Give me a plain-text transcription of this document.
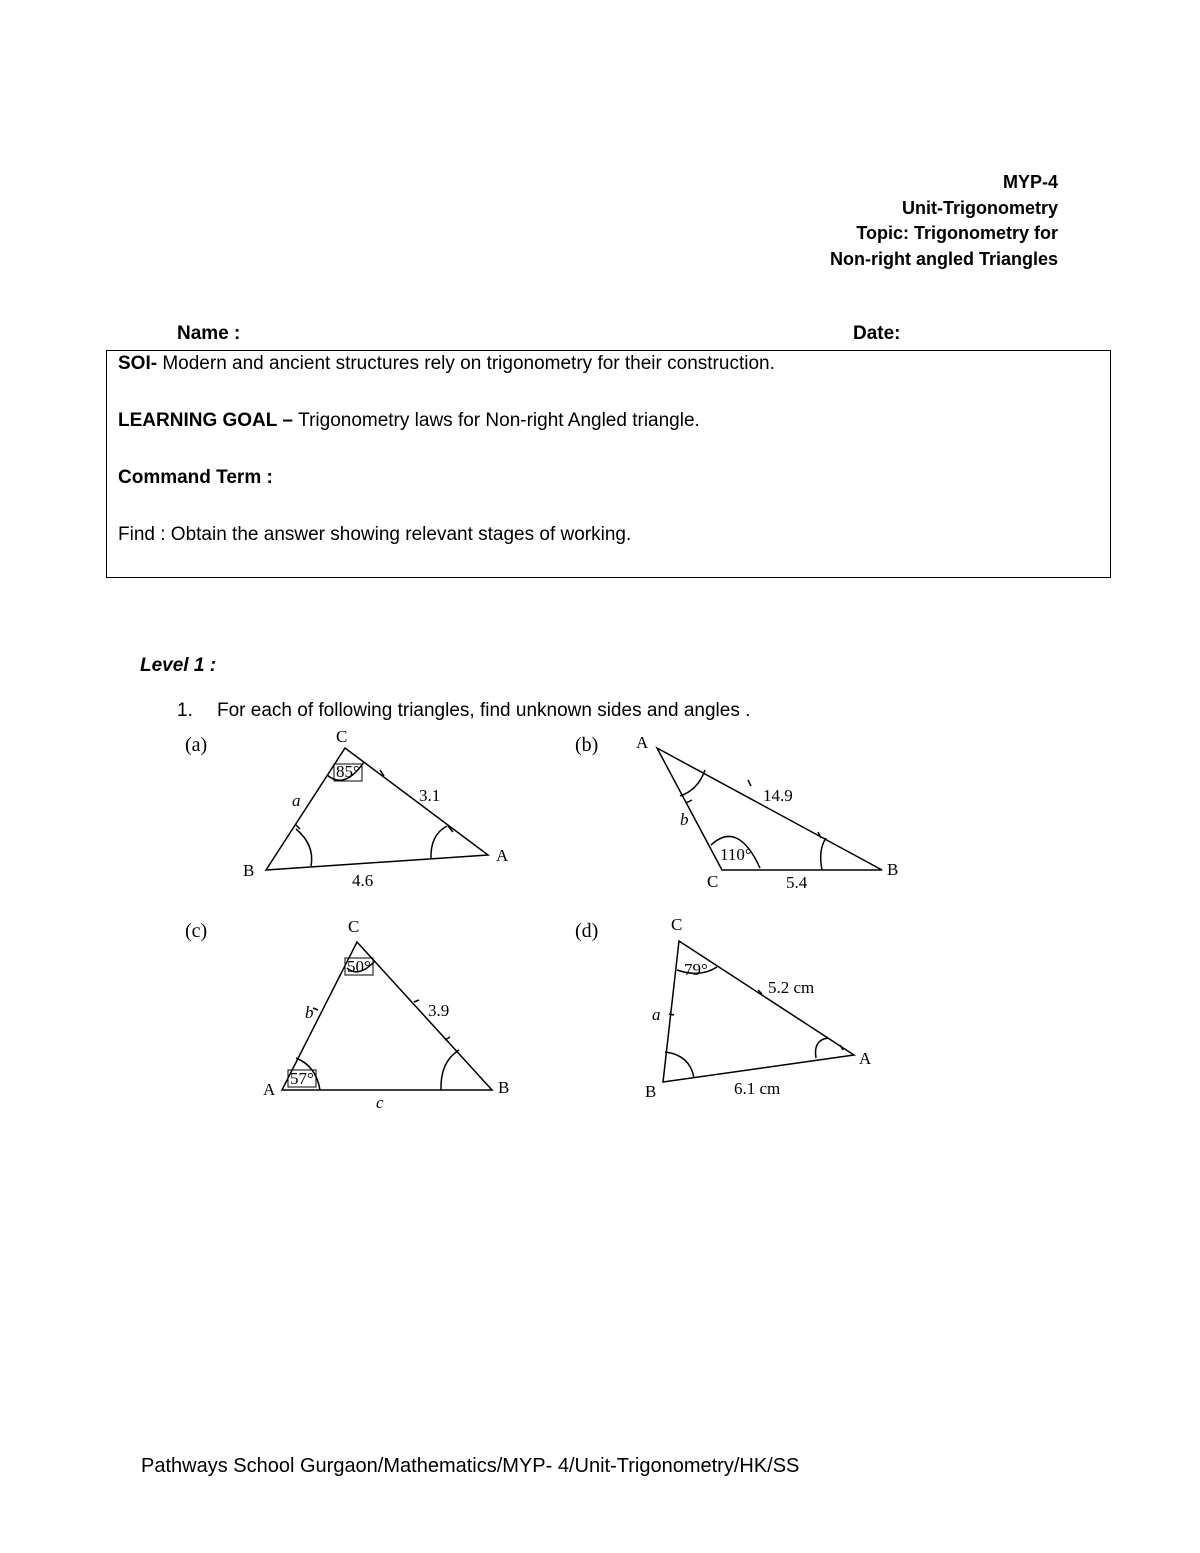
MYP-4
Unit-Trigonometry
Topic: Trigonometry for
Non-right angled Triangles
Name :	Date:
SOI- Modern and ancient structures rely on trigonometry for their construction.
LEARNING GOAL – Trigonometry laws for Non-right Angled triangle.
Command Term :
Find : Obtain the answer showing relevant stages of working.
Level 1 :
1. For each of following triangles, find unknown sides and angles .
(a)	C
B
A
85°
a	3.1
4.6
(b) A
C
B
110°
b
14.9
5.4
(c)	C
A	B
50°
57°
b	3.9
c
(d)	C
B
A
79°
a
5.2 cm
6.1 cm
Pathways School Gurgaon/Mathematics/MYP- 4/Unit-Trigonometry/HK/SS
